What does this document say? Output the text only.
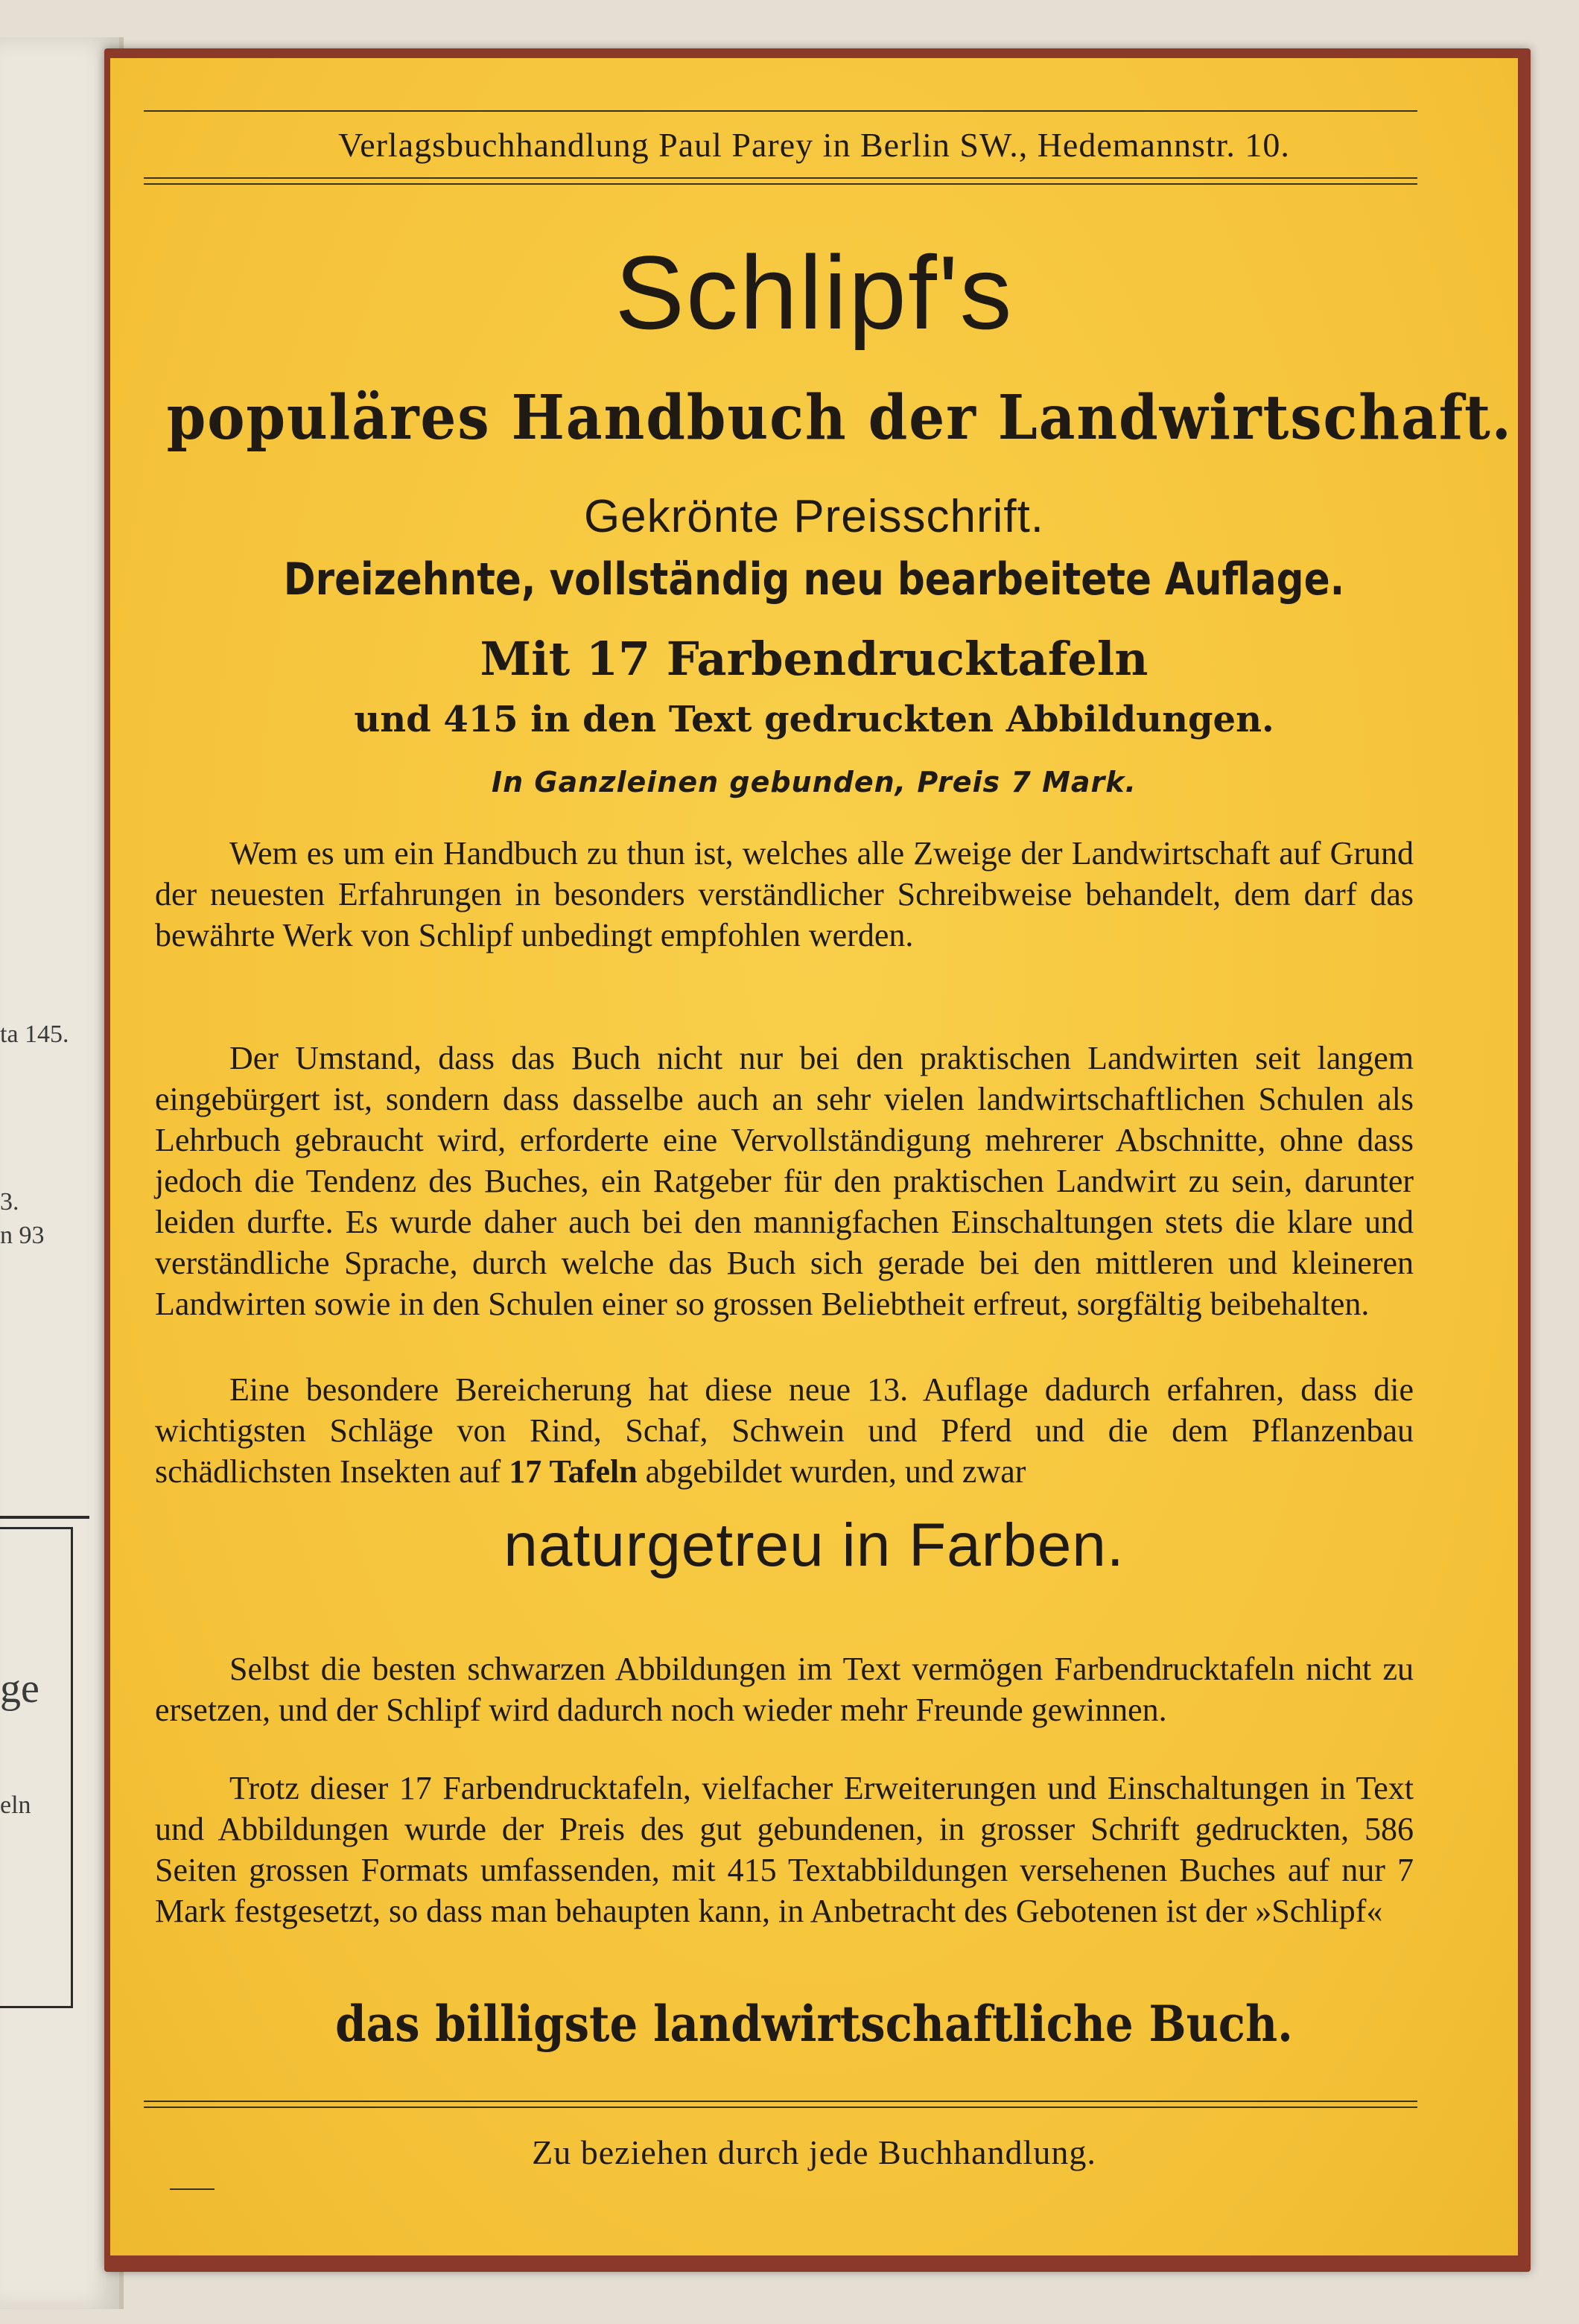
ta 145.
3.
n 93
ge
eln
Verlagsbuchhandlung Paul Parey in Berlin SW., Hedemannstr. 10.
Schlipf's
populäres Handbuch der Landwirtschaft.
Gekrönte Preisschrift.
Dreizehnte, vollständig neu bearbeitete Auflage.
Mit 17 Farbendrucktafeln
und 415 in den Text gedruckten Abbildungen.
In Ganzleinen gebunden, Preis 7 Mark.
Wem es um ein Handbuch zu thun ist, welches alle Zweige der Landwirtschaft auf Grund der neuesten Erfahrungen in besonders verständlicher Schreibweise behandelt, dem darf das bewährte Werk von Schlipf unbedingt empfohlen werden.
Der Umstand, dass das Buch nicht nur bei den praktischen Landwirten seit langem eingebürgert ist, sondern dass dasselbe auch an sehr vielen landwirtschaftlichen Schulen als Lehrbuch gebraucht wird, erforderte eine Vervollständigung mehrerer Abschnitte, ohne dass jedoch die Tendenz des Buches, ein Ratgeber für den praktischen Landwirt zu sein, darunter leiden durfte. Es wurde daher auch bei den mannigfachen Einschaltungen stets die klare und verständliche Sprache, durch welche das Buch sich gerade bei den mittleren und kleineren Landwirten sowie in den Schulen einer so grossen Beliebtheit erfreut, sorgfältig beibehalten.
Eine besondere Bereicherung hat diese neue 13. Auflage dadurch erfahren, dass die wichtigsten Schläge von Rind, Schaf, Schwein und Pferd und die dem Pflanzenbau schädlichsten Insekten auf 17 Tafeln abgebildet wurden, und zwar
naturgetreu in Farben.
Selbst die besten schwarzen Abbildungen im Text vermögen Farbendrucktafeln nicht zu ersetzen, und der Schlipf wird dadurch noch wieder mehr Freunde gewinnen.
Trotz dieser 17 Farbendrucktafeln, vielfacher Erweiterungen und Einschaltungen in Text und Abbildungen wurde der Preis des gut gebundenen, in grosser Schrift gedruckten, 586 Seiten grossen Formats umfassenden, mit 415 Textabbildungen versehenen Buches auf nur 7 Mark festgesetzt, so dass man behaupten kann, in Anbetracht des Gebotenen ist der »Schlipf«
das billigste landwirtschaftliche Buch.
Zu beziehen durch jede Buchhandlung.
